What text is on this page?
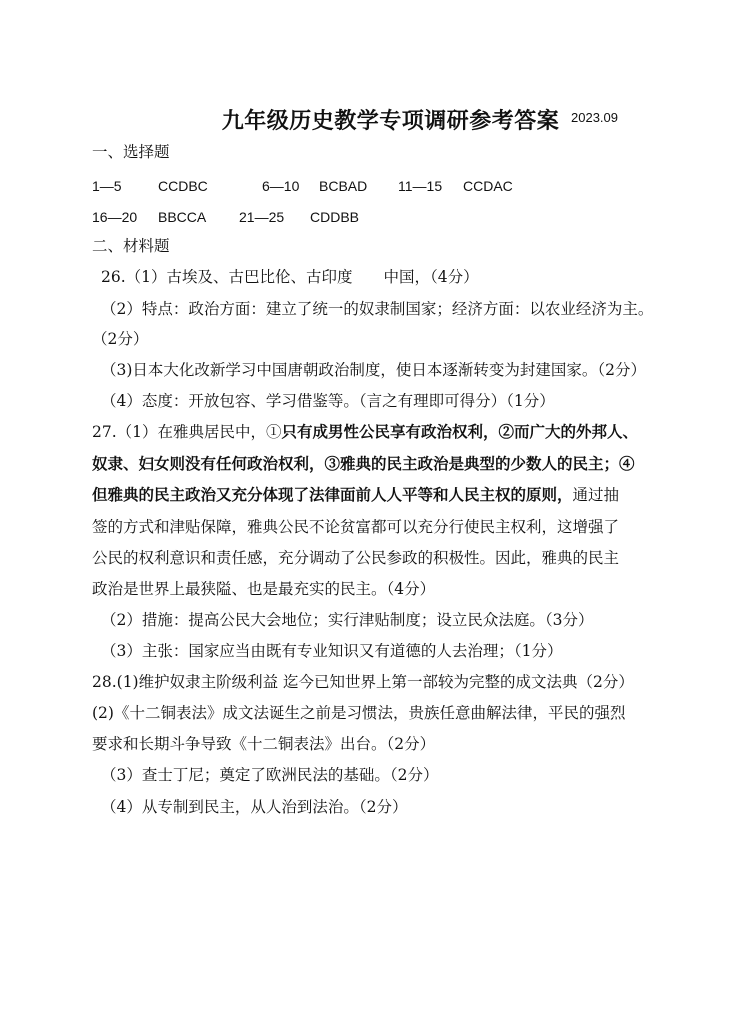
九年级历史教学专项调研参考答案 2023.09
一、选择题
1—5	CCDBC	6—10 BCBAD 11—15 CCDAC
16—20 BBCCA 21—25 CDDBB
二、材料题
26.（1）古埃及、古巴比伦、古印度　　中国，（4分）
（2）特点：政治方面：建立了统一的奴隶制国家；经济方面：以农业经济为主。
（2分）
（3)日本大化改新学习中国唐朝政治制度，使日本逐渐转变为封建国家。（2分）
（4）态度：开放包容、学习借鉴等。（言之有理即可得分）（1分）
27.（1）在雅典居民中，①只有成男性公民享有政治权利，②而广大的外邦人、
奴隶、妇女则没有任何政治权利，③雅典的民主政治是典型的少数人的民主；④
但雅典的民主政治又充分体现了法律面前人人平等和人民主权的原则，通过抽
签的方式和津贴保障，雅典公民不论贫富都可以充分行使民主权利，这增强了
公民的权利意识和责任感，充分调动了公民参政的积极性。因此，雅典的民主
政治是世界上最狭隘、也是最充实的民主。（4分）
（2）措施：提高公民大会地位；实行津贴制度；设立民众法庭。（3分）
（3）主张：国家应当由既有专业知识又有道德的人去治理；（1分）
28.(1)维护奴隶主阶级利益 迄今已知世界上第一部较为完整的成文法典（2分）
(2)《十二铜表法》成文法诞生之前是习惯法，贵族任意曲解法律，平民的强烈
要求和长期斗争导致《十二铜表法》出台。（2分）
（3）查士丁尼；奠定了欧洲民法的基础。（2分）
（4）从专制到民主，从人治到法治。（2分）
